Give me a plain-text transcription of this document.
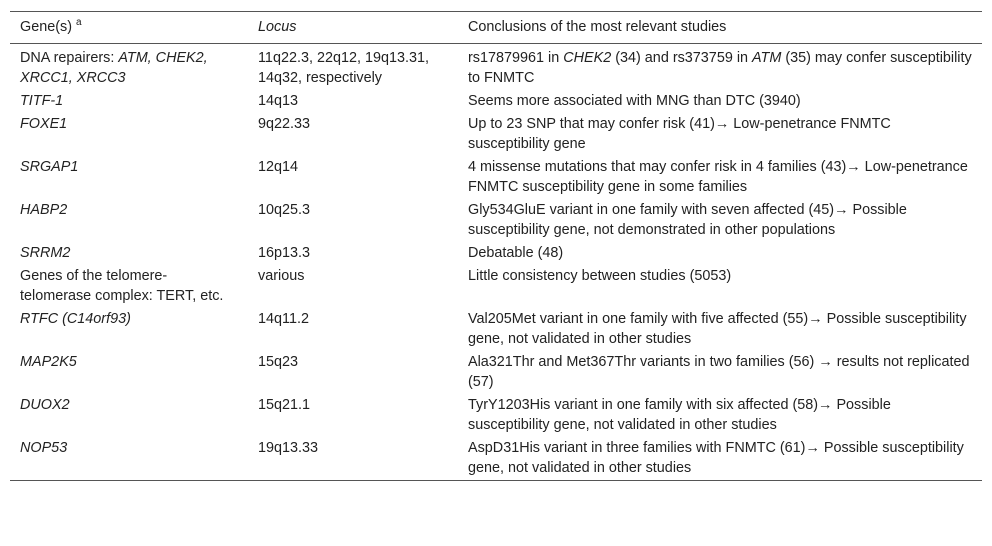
Gene(s) $^a$	Locus	Conclusions of the most relevant studies
DNA repairers: ATM, CHEK2, XRCC1, XRCC3	11q22.3, 22q12, 19q13.31, 14q32, respectively	rs17879961 in CHEK2 (34) and rs373759 in ATM (35) may confer susceptibility to FNMTC
TITF-1	14q13	Seems more associated with MNG than DTC (3940)
FOXE1	9q22.33	Up to 23 SNP that may confer risk (41)→ Low-penetrance FNMTC susceptibility gene
SRGAP1	12q14	4 missense mutations that may confer risk in 4 families (43)→ Low-penetrance FNMTC susceptibility gene in some families
HABP2	10q25.3	Gly534GluE variant in one family with seven affected (45)→ Possible susceptibility gene, not demonstrated in other populations
SRRM2	16p13.3	Debatable (48)
Genes of the telomere-telomerase complex: TERT, etc.	various	Little consistency between studies (5053)
RTFC (C14orf93)	14q11.2	Val205Met variant in one family with five affected (55)→ Possible susceptibility gene, not validated in other studies
MAP2K5	15q23	Ala321Thr and Met367Thr variants in two families (56) → results not replicated (57)
DUOX2	15q21.1	TyrY1203His variant in one family with six affected (58)→ Possible susceptibility gene, not validated in other studies
NOP53	19q13.33	AspD31His variant in three families with FNMTC (61)→ Possible susceptibility gene, not validated in other studies
